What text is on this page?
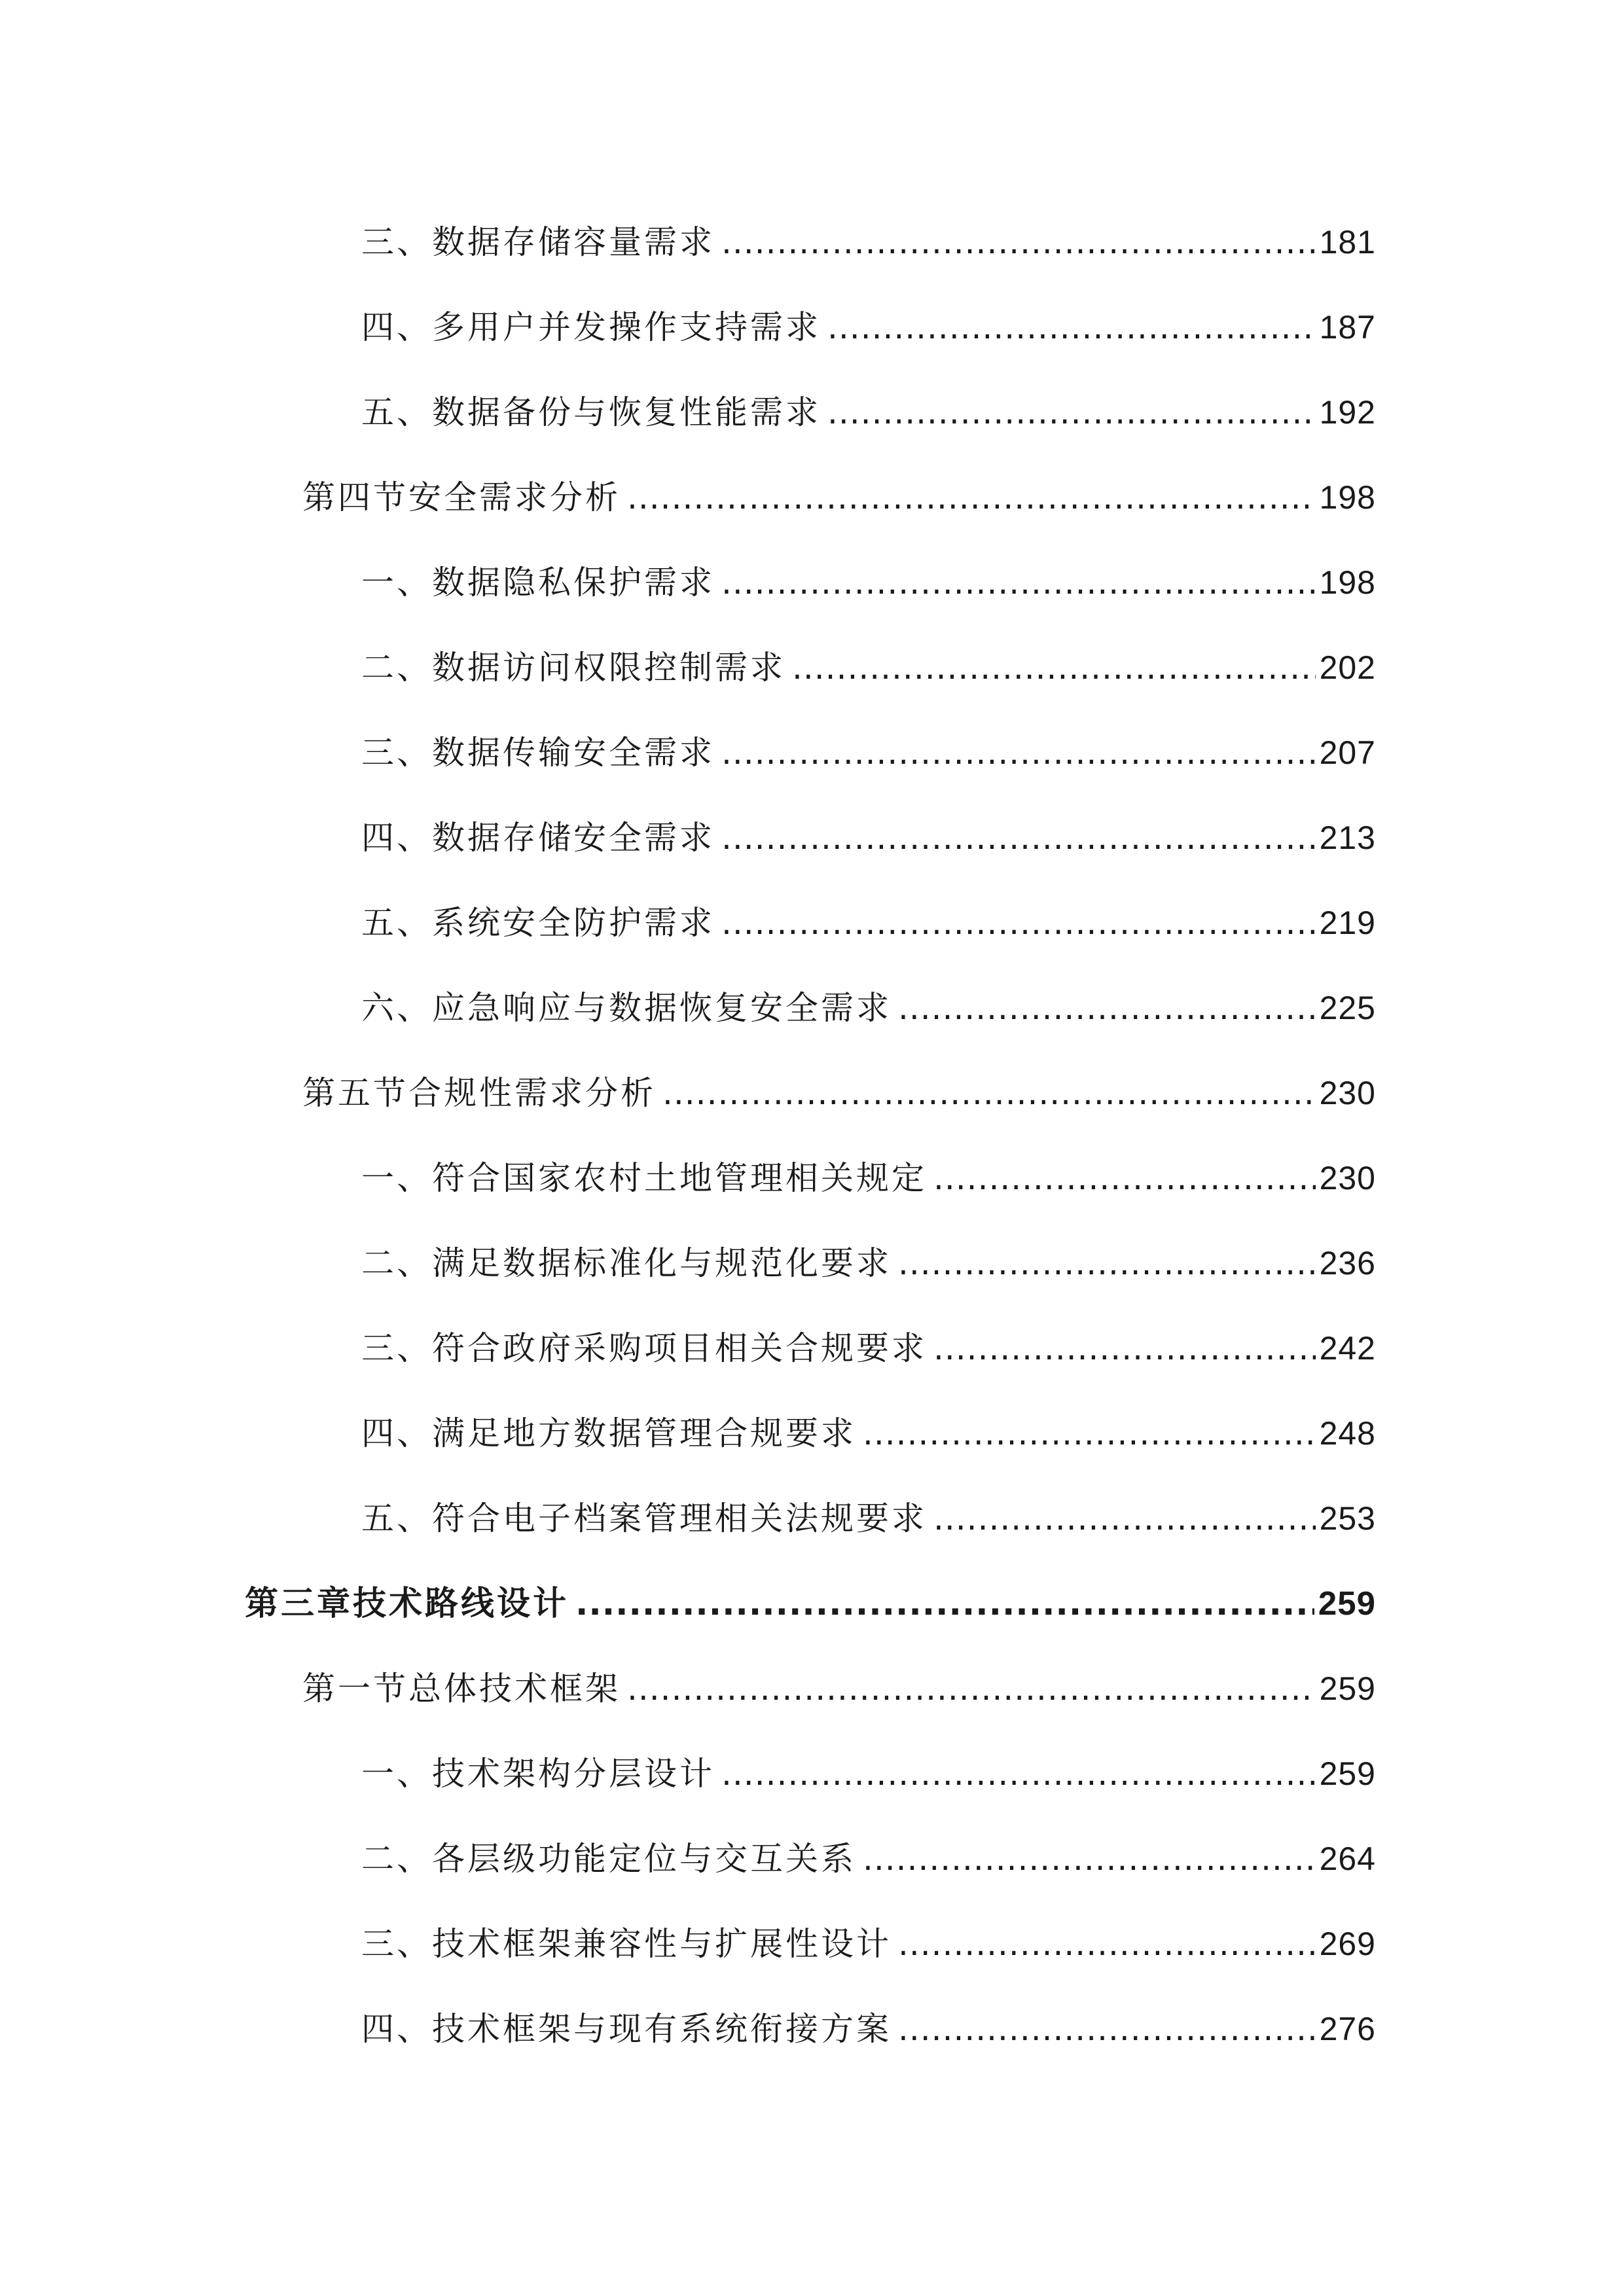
三、数据存储容量需求 .....	181
四、多用户并发操作支持需求 .....	187
五、数据备份与恢复性能需求 .....	192
第四节安全需求分析 .....	198
一、数据隐私保护需求 .....	198
二、数据访问权限控制需求 .....	202
三、数据传输安全需求 .....	207
四、数据存储安全需求 .....	213
五、系统安全防护需求 .....	219
六、应急响应与数据恢复安全需求 .....	225
第五节合规性需求分析 .....	230
一、符合国家农村土地管理相关规定 .....	230
二、满足数据标准化与规范化要求 .....	236
三、符合政府采购项目相关合规要求 .....	242
四、满足地方数据管理合规要求 .....	248
五、符合电子档案管理相关法规要求 .....	253
第三章技术路线设计 .....	259
第一节总体技术框架 .....	259
一、技术架构分层设计 .....	259
二、各层级功能定位与交互关系 .....	264
三、技术框架兼容性与扩展性设计 .....	269
四、技术框架与现有系统衔接方案 .....	276
